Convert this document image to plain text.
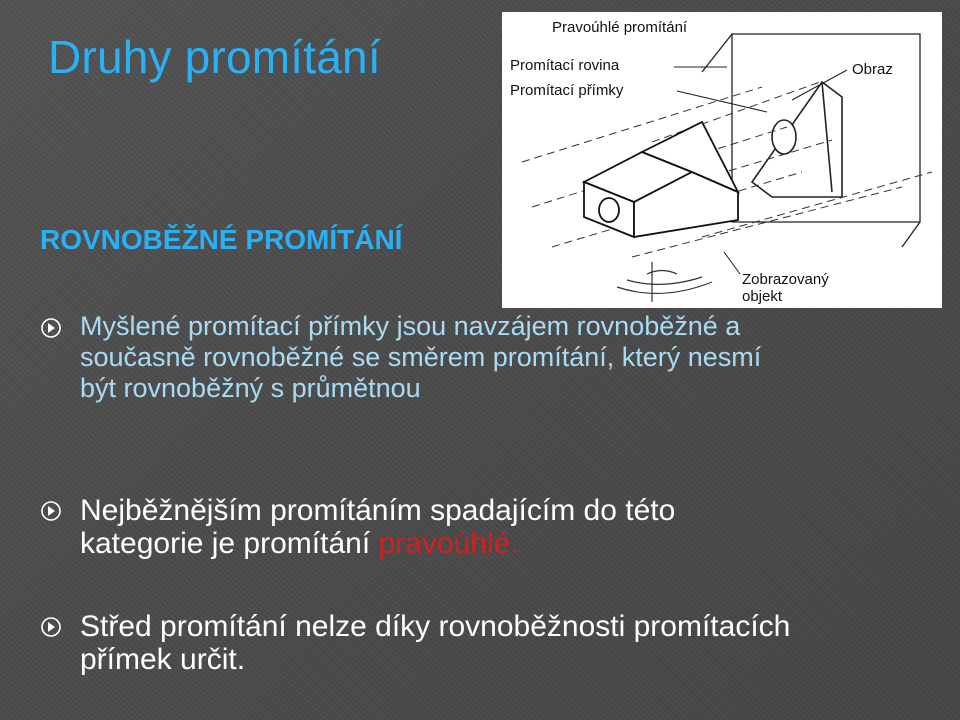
Druhy promítání
ROVNOBĚŽNÉ PROMÍTÁNÍ

Myšlené promítací přímky jsou navzájem rovnoběžné a současně rovnoběžné se směrem promítání, který nesmí být rovnoběžný s průmětnou

Nejběžnějším promítáním spadajícím do této kategorie je promítání pravoúhlé.

Střed promítání nelze díky rovnoběžnosti promítacích přímek určit.

Pravoúhlé promítání
Promítací rovina
Promítací přímky
Obraz
Zobrazovaný
objekt
